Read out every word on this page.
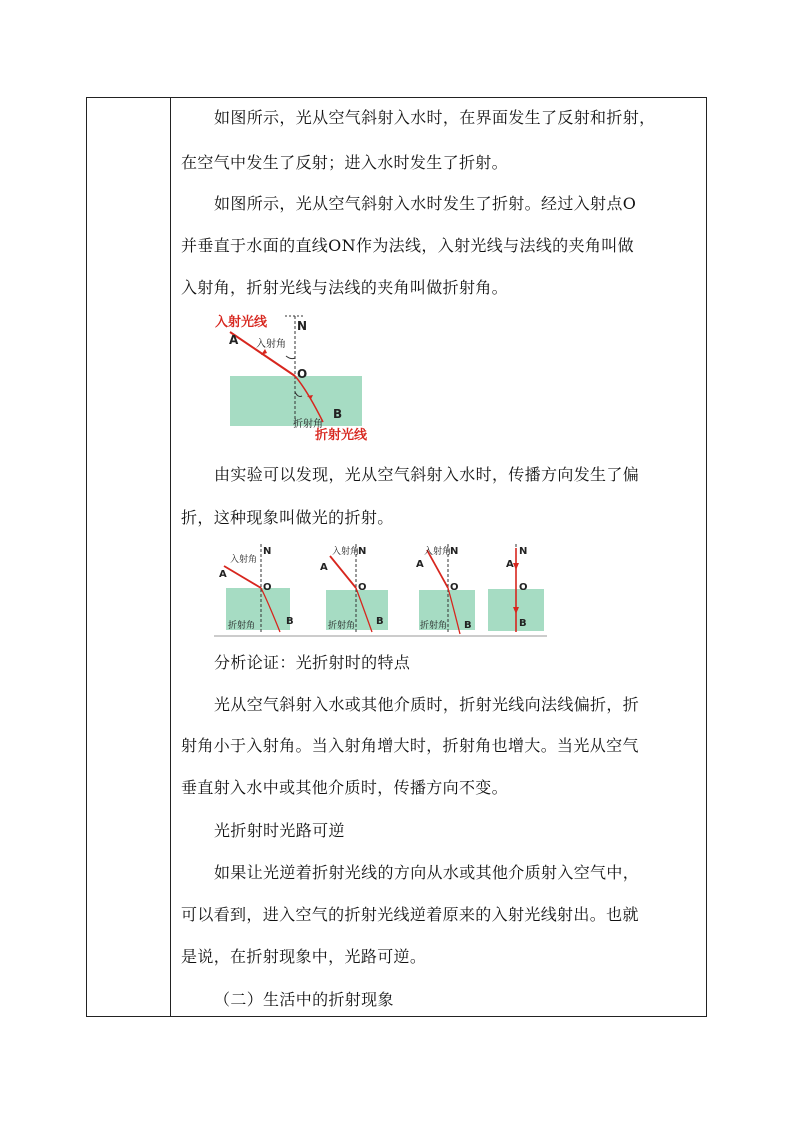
如图所示，光从空气斜射入水时，在界面发生了反射和折射，
在空气中发生了反射；进入水时发生了折射。
如图所示，光从空气斜射入水时发生了折射。经过入射点O
并垂直于水面的直线ON作为法线，入射光线与法线的夹角叫做
入射角，折射光线与法线的夹角叫做折射角。
入射光线
A
N
入射角
O
B
折射角
折射光线
由实验可以发现，光从空气斜射入水时，传播方向发生了偏
折，这种现象叫做光的折射。
入射角
A
N
O
B
折射角
入射角
A
N
O
B
折射角
入射角
A
N
O
B
折射角
A
N
O
B
分析论证：光折射时的特点
光从空气斜射入水或其他介质时，折射光线向法线偏折，折
射角小于入射角。当入射角增大时，折射角也增大。当光从空气
垂直射入水中或其他介质时，传播方向不变。
光折射时光路可逆
如果让光逆着折射光线的方向从水或其他介质射入空气中，
可以看到，进入空气的折射光线逆着原来的入射光线射出。也就
是说，在折射现象中，光路可逆。
（二）生活中的折射现象
